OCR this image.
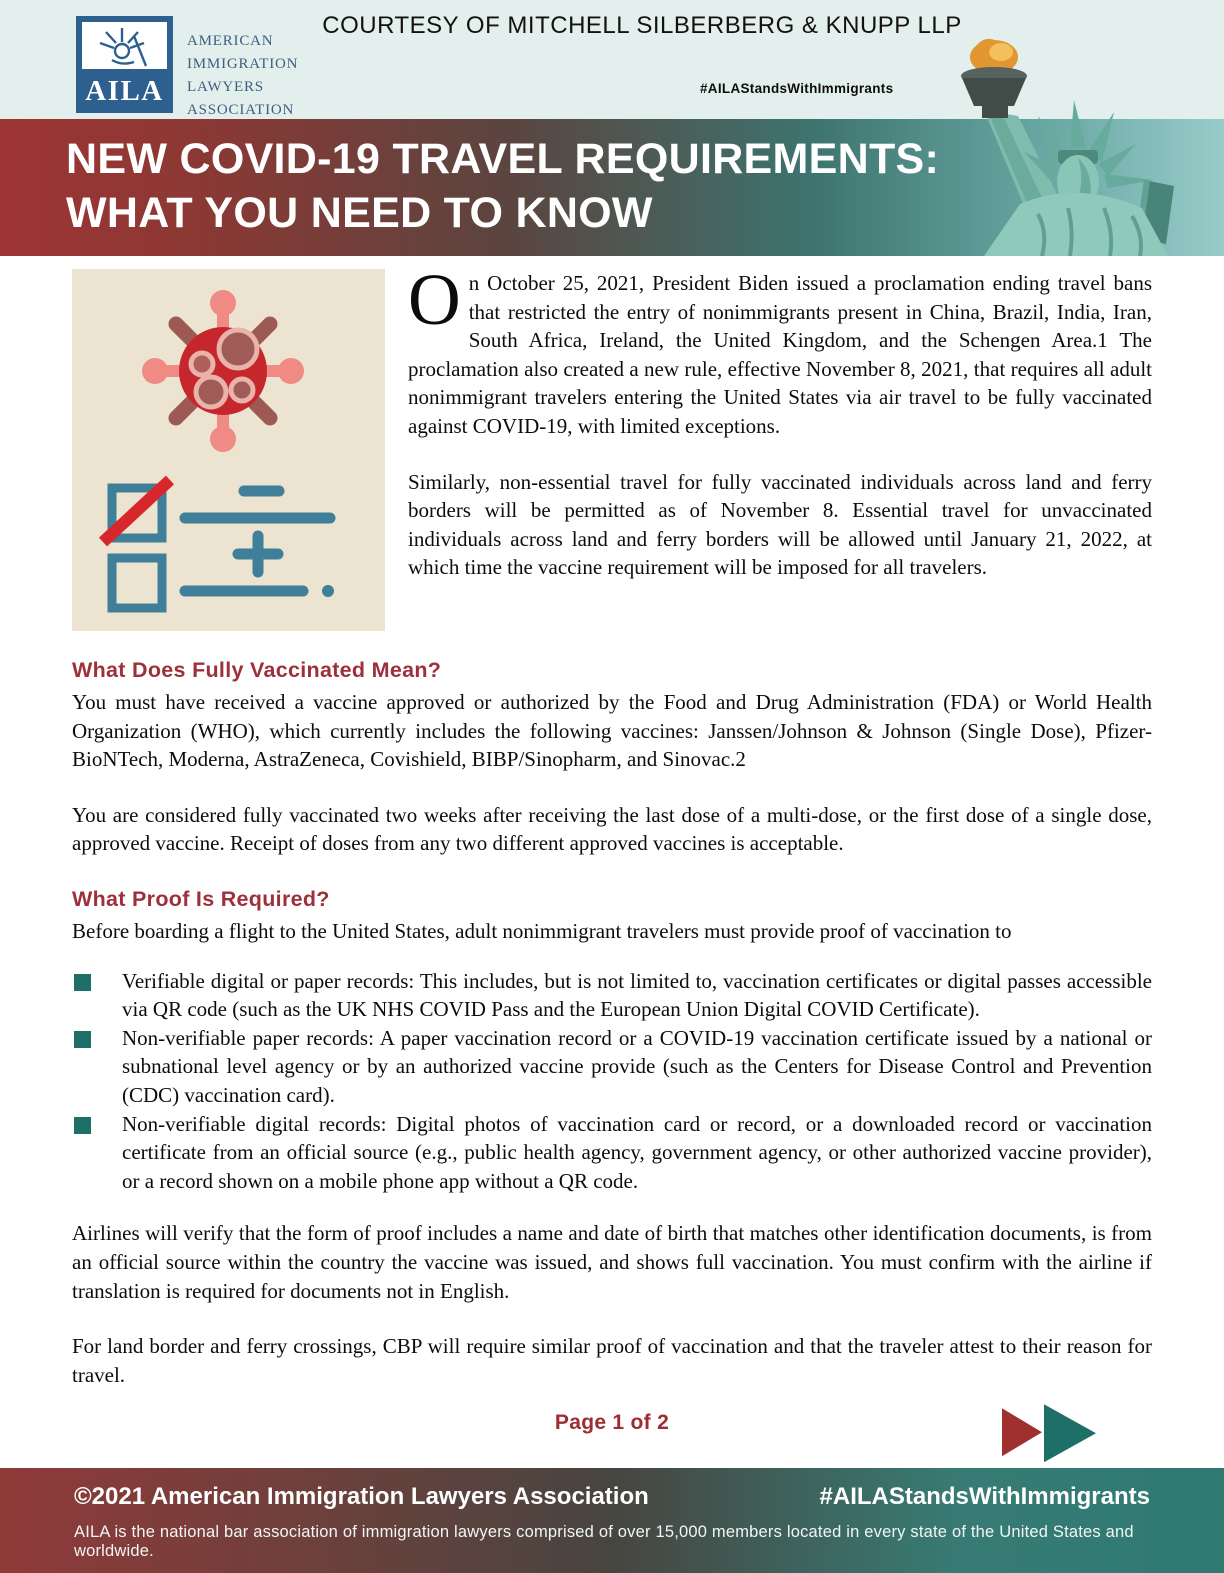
COURTESY OF MITCHELL SILBERBERG & KNUPP LLP
AILA
AMERICAN
IMMIGRATION
LAWYERS
ASSOCIATION
#AILAStandsWithImmigrants
NEW COVID-19 TRAVEL REQUIREMENTS:
WHAT YOU NEED TO KNOW

On October 25, 2021, President Biden issued a proclamation ending travel bans that restricted the entry of nonimmigrants present in China, Brazil, India, Iran, South Africa, Ireland, the United Kingdom, and the Schengen Area.1 The proclamation also created a new rule, effective November 8, 2021, that requires all adult nonimmigrant travelers entering the United States via air travel to be fully vaccinated against COVID-19, with limited exceptions.

Similarly, non-essential travel for fully vaccinated individuals across land and ferry borders will be permitted as of November 8. Essential travel for unvaccinated individuals across land and ferry borders will be allowed until January 21, 2022, at which time the vaccine requirement will be imposed for all travelers.

What Does Fully Vaccinated Mean?

You must have received a vaccine approved or authorized by the Food and Drug Administration (FDA) or World Health Organization (WHO), which currently includes the following vaccines: Janssen/Johnson & Johnson (Single Dose), Pfizer-BioNTech, Moderna, AstraZeneca, Covishield, BIBP/Sinopharm, and Sinovac.2

You are considered fully vaccinated two weeks after receiving the last dose of a multi-dose, or the first dose of a single dose, approved vaccine. Receipt of doses from any two different approved vaccines is acceptable.

What Proof Is Required?

Before boarding a flight to the United States, adult nonimmigrant travelers must provide proof of vaccination to

Verifiable digital or paper records: This includes, but is not limited to, vaccination certificates or digital passes accessible via QR code (such as the UK NHS COVID Pass and the European Union Digital COVID Certificate).
Non-verifiable paper records: A paper vaccination record or a COVID-19 vaccination certificate issued by a national or subnational level agency or by an authorized vaccine provide (such as the Centers for Disease Control and Prevention (CDC) vaccination card).
Non-verifiable digital records: Digital photos of vaccination card or record, or a downloaded record or vaccination certificate from an official source (e.g., public health agency, government agency, or other authorized vaccine provider), or a record shown on a mobile phone app without a QR code.

Airlines will verify that the form of proof includes a name and date of birth that matches other identification documents, is from an official source within the country the vaccine was issued, and shows full vaccination. You must confirm with the airline if translation is required for documents not in English.

For land border and ferry crossings, CBP will require similar proof of vaccination and that the traveler attest to their reason for travel.

Page 1 of 2
©2021 American Immigration Lawyers Association	#AILAStandsWithImmigrants
AILA is the national bar association of immigration lawyers comprised of over 15,000 members located in every state of the United States and worldwide.
